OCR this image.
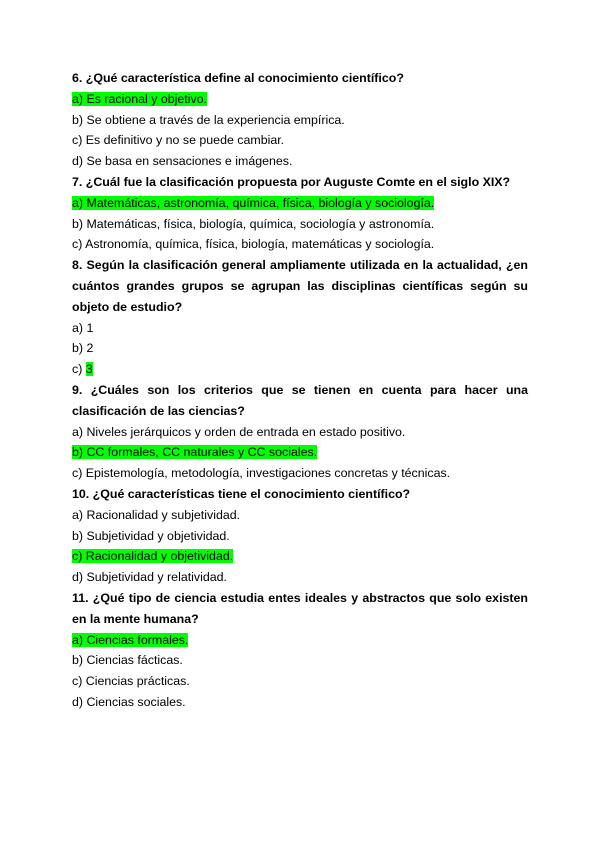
6. ¿Qué característica define al conocimiento científico?

a) Es racional y objetivo.

b) Se obtiene a través de la experiencia empírica.

c) Es definitivo y no se puede cambiar.

d) Se basa en sensaciones e imágenes.

7. ¿Cuál fue la clasificación propuesta por Auguste Comte en el siglo XIX?

a) Matemáticas, astronomía, química, física, biología y sociología.

b) Matemáticas, física, biología, química, sociología y astronomía.

c) Astronomía, química, física, biología, matemáticas y sociología.

8. Según la clasificación general ampliamente utilizada en la actualidad, ¿en cuántos grandes grupos se agrupan las disciplinas científicas según su objeto de estudio?

a) 1

b) 2

c) 3

9. ¿Cuáles son los criterios que se tienen en cuenta para hacer una clasificación de las ciencias?

a) Niveles jerárquicos y orden de entrada en estado positivo.

b) CC formales, CC naturales y CC sociales.

c) Epistemología, metodología, investigaciones concretas y técnicas.

10. ¿Qué características tiene el conocimiento científico?

a) Racionalidad y subjetividad.

b) Subjetividad y objetividad.

c) Racionalidad y objetividad.

d) Subjetividad y relatividad.

11. ¿Qué tipo de ciencia estudia entes ideales y abstractos que solo existen en la mente humana?

a) Ciencias formales.

b) Ciencias fácticas.

c) Ciencias prácticas.

d) Ciencias sociales.
